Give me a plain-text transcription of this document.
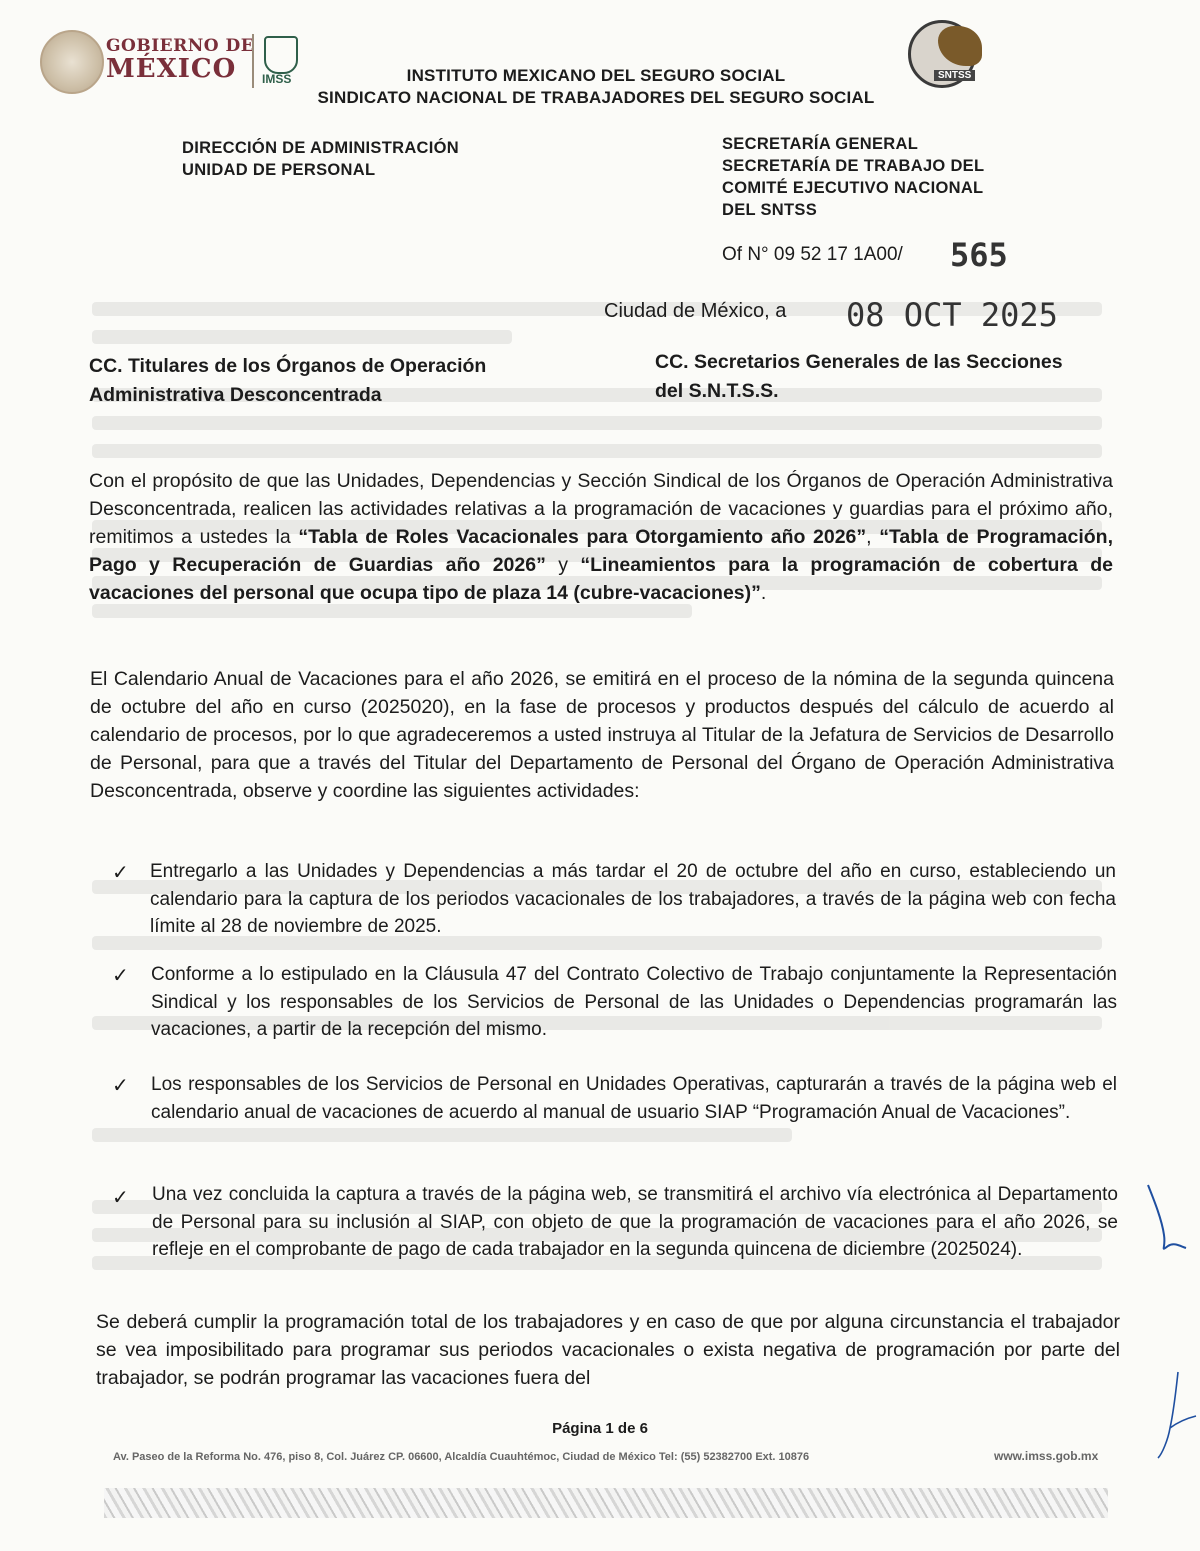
GOBIERNO DE
MÉXICO IMSS	SNTSS
INSTITUTO MEXICANO DEL SEGURO SOCIAL
SINDICATO NACIONAL DE TRABAJADORES DEL SEGURO SOCIAL
DIRECCIÓN DE ADMINISTRACIÓN
UNIDAD DE PERSONAL
SECRETARÍA GENERAL
SECRETARÍA DE TRABAJO DEL
COMITÉ EJECUTIVO NACIONAL
DEL SNTSS
Of N° 09 52 17 1A00/ 565
Ciudad de México, a 08 OCT 2025
CC. Titulares de los Órganos de Operación
Administrativa Desconcentrada
CC. Secretarios Generales de las Secciones
del S.N.T.S.S.
Con el propósito de que las Unidades, Dependencias y Sección Sindical de los Órganos de Operación Administrativa Desconcentrada, realicen las actividades relativas a la programación de vacaciones y guardias para el próximo año, remitimos a ustedes la “Tabla de Roles Vacacionales para Otorgamiento año 2026”, “Tabla de Programación, Pago y Recuperación de Guardias año 2026” y “Lineamientos para la programación de cobertura de vacaciones del personal que ocupa tipo de plaza 14 (cubre-vacaciones)”.
El Calendario Anual de Vacaciones para el año 2026, se emitirá en el proceso de la nómina de la segunda quincena de octubre del año en curso (2025020), en la fase de procesos y productos después del cálculo de acuerdo al calendario de procesos, por lo que agradeceremos a usted instruya al Titular de la Jefatura de Servicios de Desarrollo de Personal, para que a través del Titular del Departamento de Personal del Órgano de Operación Administrativa Desconcentrada, observe y coordine las siguientes actividades:
✓ Entregarlo a las Unidades y Dependencias a más tardar el 20 de octubre del año en curso, estableciendo un calendario para la captura de los periodos vacacionales de los trabajadores, a través de la página web con fecha límite al 28 de noviembre de 2025.
✓ Conforme a lo estipulado en la Cláusula 47 del Contrato Colectivo de Trabajo conjuntamente la Representación Sindical y los responsables de los Servicios de Personal de las Unidades o Dependencias programarán las vacaciones, a partir de la recepción del mismo.
✓ Los responsables de los Servicios de Personal en Unidades Operativas, capturarán a través de la página web el calendario anual de vacaciones de acuerdo al manual de usuario SIAP “Programación Anual de Vacaciones”.
✓ Una vez concluida la captura a través de la página web, se transmitirá el archivo vía electrónica al Departamento de Personal para su inclusión al SIAP, con objeto de que la programación de vacaciones para el año 2026, se refleje en el comprobante de pago de cada trabajador en la segunda quincena de diciembre (2025024).
Se deberá cumplir la programación total de los trabajadores y en caso de que por alguna circunstancia el trabajador se vea imposibilitado para programar sus periodos vacacionales o exista negativa de programación por parte del trabajador, se podrán programar las vacaciones fuera del
Página 1 de 6
Av. Paseo de la Reforma No. 476, piso 8, Col. Juárez CP. 06600, Alcaldía Cuauhtémoc, Ciudad de México Tel: (55) 52382700 Ext. 10876	www.imss.gob.mx
